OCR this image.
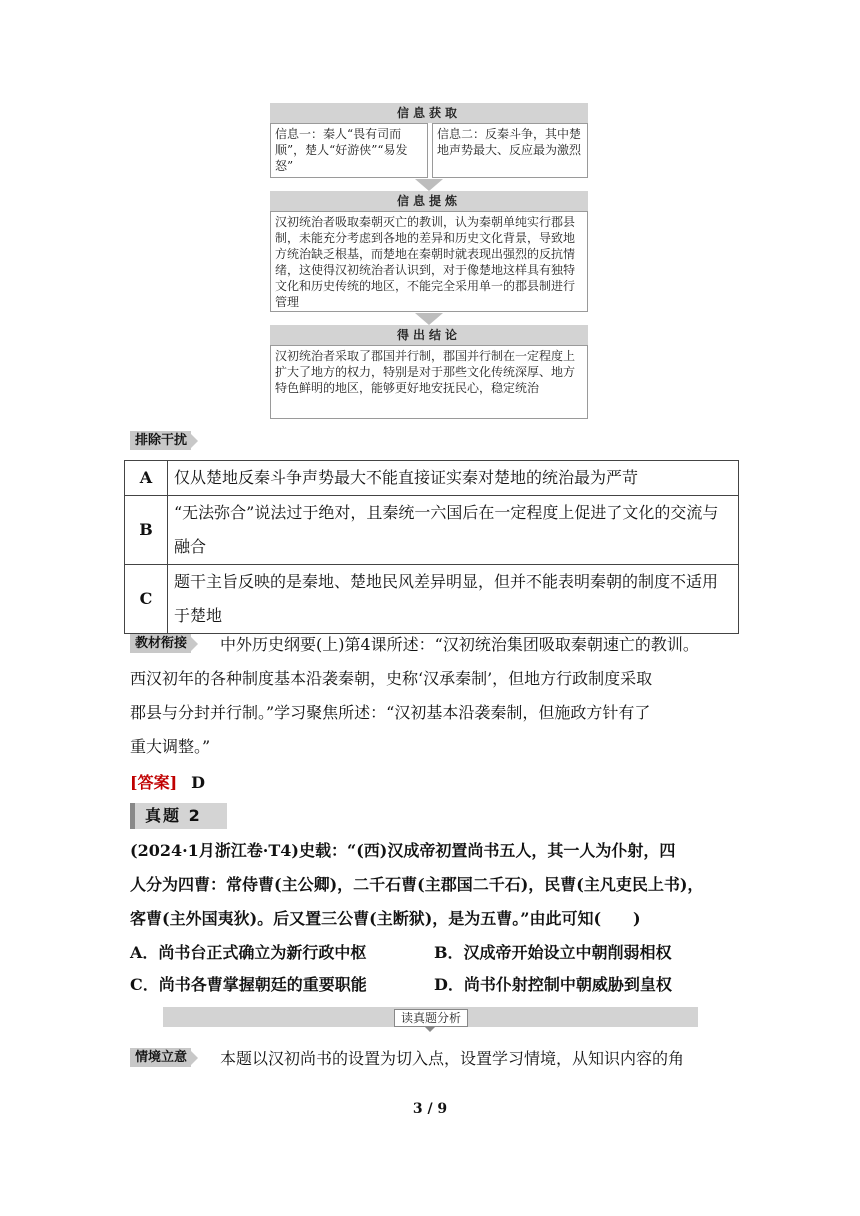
信息获取
信息一：秦人“畏有司而顺”，楚人“好游侠”“易发怒”
信息二：反秦斗争，其中楚地声势最大、反应最为激烈
信息提炼
汉初统治者吸取秦朝灭亡的教训，认为秦朝单纯实行郡县制，未能充分考虑到各地的差异和历史文化背景，导致地方统治缺乏根基，而楚地在秦朝时就表现出强烈的反抗情绪，这使得汉初统治者认识到，对于像楚地这样具有独特文化和历史传统的地区，不能完全采用单一的郡县制进行管理
得出结论
汉初统治者采取了郡国并行制，郡国并行制在一定程度上扩大了地方的权力，特别是对于那些文化传统深厚、地方特色鲜明的地区，能够更好地安抚民心，稳定统治
排除干扰
A	仅从楚地反秦斗争声势最大不能直接证实秦对楚地的统治最为严苛
B	“无法弥合”说法过于绝对，且秦统一六国后在一定程度上促进了文化的交流与融合
C	题干主旨反映的是秦地、楚地民风差异明显，但并不能表明秦朝的制度不适用于楚地
教材衔接 中外历史纲要(上)第4课所述：“汉初统治集团吸取秦朝速亡的教训。
西汉初年的各种制度基本沿袭秦朝，史称‘汉承秦制’，但地方行政制度采取
郡县与分封并行制。”学习聚焦所述：“汉初基本沿袭秦制，但施政方针有了
重大调整。”
[答案] D
真题 2
(2024·1月浙江卷·T4)史载：“(西)汉成帝初置尚书五人，其一人为仆射，四
人分为四曹：常侍曹(主公卿)，二千石曹(主郡国二千石)，民曹(主凡吏民上书)，
客曹(主外国夷狄)。后又置三公曹(主断狱)，是为五曹。”由此可知(　　)
A．尚书台正式确立为新行政中枢	B．汉成帝开始设立中朝削弱相权
C．尚书各曹掌握朝廷的重要职能	D．尚书仆射控制中朝威胁到皇权
读真题分析
情境立意 本题以汉初尚书的设置为切入点，设置学习情境，从知识内容的角
3 / 9
